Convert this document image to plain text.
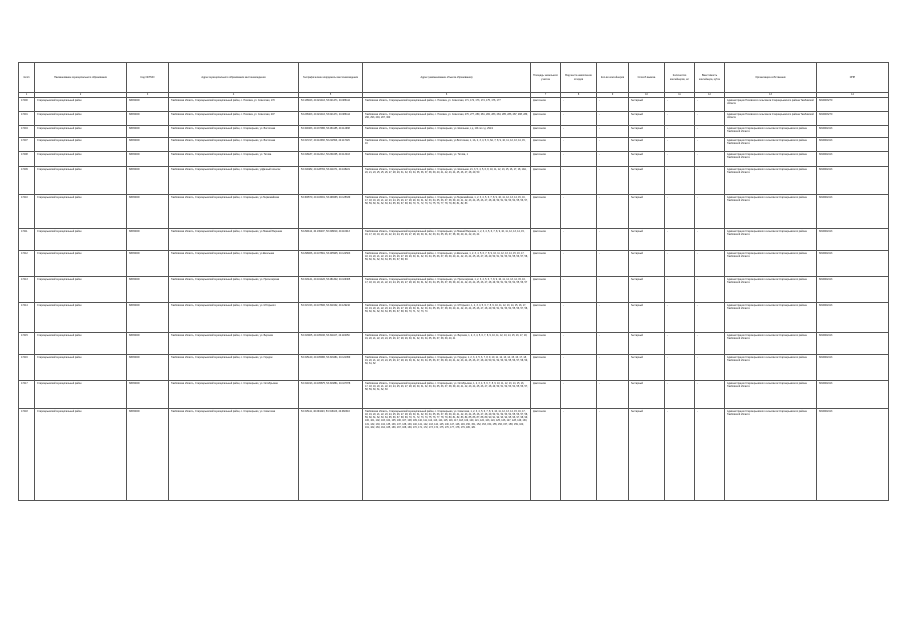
№п/п	Наименование муниципального образования	Код ОКТМО	Адрес муниципального образования местонахождения	Географические координаты местонахождения	Адрес (наименование объекта образования)	Площадь земельного участка	Вид места накопления отходов	Кол-во контейнеров	Способ вывоза	Количество контейнеров, шт	Вместимость контейнера, куб.м	Организация-собственник	ИНН
1	2	3	4	5	6	7	8	9	10	11	12	13	14
17400	Староюрьевский муниципальный район	68636000	Тамбовская область, Староюрьевский муниципальный район, с. Поповка, ул. Советская, 170	53.138023, 40.021416, 53.021471, 40.086112	Тамбовская область, Староюрьевский муниципальный район, с. Поповка, ул. Советская, 171, 172, 173, 174, 175, 176, 177	фактически	-	-	бестарный	-	-	Администрация Поповского сельсовета Староюрьевского района Тамбовской области	6819003270
17401	Староюрьевский муниципальный район	68636000	Тамбовская область, Староюрьевский муниципальный район, с. Поповка, ул. Советская, 207	53.238403, 40.021416, 53.021471, 40.086114	Тамбовская область, Староюрьевский муниципальный район, с. Поповка, ул. Советская, 276, 277, 280, 281, 282, 283, 284, 285, 286, 287, 288, 289, 290, 293, 294, 297, 300	фактически	-	-	бестарный	-	-	Администрация Поповского сельсовета Староюрьевского района Тамбовской области	6819003270
17404	Староюрьевский муниципальный район	68636000	Тамбовская область, Староюрьевский муниципальный район, с. Староюрьево, ул. Восточная	53.329463, 40.167986, 53.261185, 40.114938	Тамбовская область, Староюрьевский муниципальный район, с. Староюрьево, ул. Школьная, с.д. 101 по с.д. 291/1	фактически	-	-	бестарный	-	-	Администрация Староюрьевского сельсовета Староюрьевского района Тамбовской области	6819002413
17407	Староюрьевский муниципальный район	68636000	Тамбовская область, Староюрьевский муниципальный район, с. Староюрьево, ул. Восточная	53.317217, 40.113383, 53.211593, 40.117229	Тамбовская область, Староюрьевский муниципальный район, с. Староюрьево, ул.Восточная, 1, 1А, 2, 3, 4, 5, 6, 6А, 7, 8, 9, 10, 11, 12, 13, 14, 15, 16	фактически	-	-	бестарный	-	-	Администрация Староюрьевского сельсовета Староюрьевского района Тамбовской области	6819002413
17408	Староюрьевский муниципальный район	68636000	Тамбовская область, Староюрьевский муниципальный район, с. Староюрьево, ул. Титова	53.318187, 40.112412, 53.261065, 40.113443	Тамбовская область, Староюрьевский муниципальный район, с. Староюрьево, ул. Титова, 1	фактически	-	-	бестарный	-	-	Администрация Староюрьевского сельсовета Староюрьевского района Тамбовской области	6819002413
17409	Староюрьевский муниципальный район	68636000	Тамбовская область, Староюрьевский муниципальный район, с. Староюрьево, улДачный поселок	53.319482, 40.128784, 53.211071, 40.108221	Тамбовская область, Староюрьевский муниципальный район, с. Староюрьево, ул. Школьная, 21, 3, 5, 4, 5, 6, 8, 10, 11, 12, 13, 15, 16, 17, 18, 19А, 20, 21, 23, 25, 25, 26, 27, 28, 29, 31, 32, 33, 34, 35, 36, 37, 38, 39, 40, 41, 42, 43, 44, 45, 46, 47, 48, 49, 50	фактически	-	-	бестарный	-	-	Администрация Староюрьевского сельсовета Староюрьевского района Тамбовской области	6819002413
17410	Староюрьевский муниципальный район	68636000	Тамбовская область, Староюрьевский муниципальный район, с. Староюрьево, ул.Первомайская	53.309570, 40.103931, 53.298265, 40.125639	Тамбовская область, Староюрьевский муниципальный район, с. Староюрьево, ул.Первомайская, 1, 2, 3, 4, 5, 6, 7, 8, 9, 10, 11, 12, 13, 14, 15, 16, 17, 18, 19, 20, 21, 22, 23, 24, 25, 26, 27, 28, 29, 30, 31, 32, 33, 34, 35, 36, 37, 38, 39, 40, 41, 42, 43, 44, 45, 46, 47, 48, 49, 50, 51, 52, 53, 54, 55, 56, 57, 58, 59, 60, 61, 62, 63, 64, 65, 66, 67, 68, 69, 70, 71, 72, 73, 74, 75, 76, 77, 78, 79, 80, 81, 82, 83	фактически	-	-	бестарный	-	-	Администрация Староюрьевского сельсовета Староюрьевского района Тамбовской области	6819002413
17411	Староюрьевский муниципальный район	68636000	Тамбовская область, Староюрьевский муниципальный район, с. Староюрьево, ул.Нижний Вершник	53.299112, 40.139207, 53.328810, 40.116013	Тамбовская область, Староюрьевский муниципальный район, с. Староюрьево, ул.Нижний Вершник, 1, 2, 3, 4, 5, 6, 7, 8, 9, 10, 11, 12, 13, 14, 15, 16, 17, 18, 19, 20, 21, 22, 23, 24, 25, 26, 27, 28, 29, 30, 31, 32, 33, 34, 35, 36, 37, 38, 39, 40, 41, 42, 43, 44	фактически	-	-	бестарный	-	-	Администрация Староюрьевского сельсовета Староюрьевского района Тамбовской области	6819002413
17412	Староюрьевский муниципальный район	68636000	Тамбовская область, Староюрьевский муниципальный район, с. Староюрьево, ул.Школьная	53.298066, 40.107891, 53.205905, 40.122503	Тамбовская область, Староюрьевский муниципальный район, с. Староюрьево, ул.Школьная, 1, 2, 3, 4, 5, 6, 7, 8, 9, 10, 11, 12, 13, 14, 15, 16, 17, 18, 19, 20, 21, 22, 23, 24, 25, 26, 27, 28, 29, 30, 31, 32, 33, 34, 35, 36, 37, 38, 39, 40, 41, 42, 43, 44, 45, 46, 47, 48, 49, 50, 51, 52, 53, 54, 55, 56, 57, 58, 59, 60, 61, 62, 63, 64, 65, 66, 67, 68, 69	фактически	-	-	бестарный	-	-	Администрация Староюрьевского сельсовета Староюрьевского района Тамбовской области	6819002413
17413	Староюрьевский муниципальный район	68636000	Тамбовская область, Староюрьевский муниципальный район, с. Староюрьево, ул. Пролетарская	53.313141, 40.101426, 53.281302, 40.109305	Тамбовская область, Староюрьевский муниципальный район, с. Староюрьево, ул. Пролетарская, 1, 2, 3, 4, 5, 6, 7, 8, 9, 10, 11, 12, 13, 14, 15, 16, 17, 18, 19, 20, 21, 22, 23, 24, 25, 26, 27, 28, 29, 30, 31, 32, 33, 34, 35, 36, 37, 38, 39, 40, 41, 42, 43, 44, 45, 46, 47, 48, 49, 50, 51, 52, 53, 54, 55, 56, 57	фактически	-	-	бестарный	-	-	Администрация Староюрьевского сельсовета Староюрьевского района Тамбовской области	6819002413
17414	Староюрьевский муниципальный район	68636000	Тамбовская область, Староюрьевский муниципальный район, с. Староюрьево, ул. М.Горького	53.317243, 40.107806, 53.311962, 40.129210	Тамбовская область, Староюрьевский муниципальный район, с. Староюрьево, ул. М.Горького, 1, 2, 3, 4, 5, 6, 7, 8, 9, 10, 11, 12, 13, 14, 15, 16, 17, 18, 19, 20, 21, 22, 23, 24, 25, 26, 27, 28, 29, 30, 31, 32, 33, 34, 35, 36, 37, 38, 39, 40, 41, 42, 43, 44, 45, 46, 47, 48, 49, 50, 51, 52, 53, 54, 55, 56, 57, 58, 59, 60, 61, 62, 63, 64, 65, 66, 67, 68, 69, 70, 71, 72, 73, 74	фактически	-	-	бестарный	-	-	Администрация Староюрьевского сельсовета Староюрьевского района Тамбовской области	6819002413
17415	Староюрьевский муниципальный район	68636000	Тамбовская область, Староюрьевский муниципальный район, с. Староюрьево, ул. Верхняя	53.313905, 40.105196, 53.311167, 40.116050	Тамбовская область, Староюрьевский муниципальный район, с. Староюрьево, ул. Верхняя, 1, 2, 3, 4, 5, 6, 7, 8, 9, 10, 11, 12, 13, 14, 15, 16, 17, 18, 19, 20, 21, 22, 23, 24, 25, 26, 27, 28, 29, 30, 31, 32, 33, 34, 35, 36, 37, 38, 39, 40, 41	фактически	-	-	бестарный	-	-	Администрация Староюрьевского сельсовета Староюрьевского района Тамбовской области	6819002413
17416	Староюрьевский муниципальный район	68636000	Тамбовская область, Староюрьевский муниципальный район, с. Староюрьево, ул. Городок	53.315140, 40.105986, 53.316281, 40.121959	Тамбовская область, Староюрьевский муниципальный район, с. Староюрьево, ул. Городок, 1, 2, 3, 4, 5, 6, 7, 8, 9, 10, 11, 12, 13, 14, 15, 16, 17, 18, 19, 20, 21, 22, 23, 24, 25, 26, 27, 28, 29, 30, 31, 32, 33, 34, 35, 36, 37, 38, 39, 40, 41, 42, 43, 44, 45, 46, 47, 48, 49, 50, 51, 52, 53, 54, 55, 56, 57, 58, 59, 60, 61, 62	фактически	-	-	бестарный	-	-	Администрация Староюрьевского сельсовета Староюрьевского района Тамбовской области	6819002413
17417	Староюрьевский муниципальный район	68636000	Тамбовская область, Староюрьевский муниципальный район, с. Староюрьево, ул. Октябрьская	53.314193, 40.105875, 53.316881, 40.107878	Тамбовская область, Староюрьевский муниципальный район, с. Староюрьево, ул. Октябрьская, 1, 2, 3, 4, 5, 6, 7, 8, 9, 10, 11, 12, 13, 14, 15, 16, 17, 18, 19, 20, 21, 22, 23, 24, 25, 26, 27, 28, 29, 30, 31, 32, 33, 34, 35, 36, 37, 38, 39, 40, 41, 42, 43, 44, 45, 46, 47, 48, 49, 50, 51, 52, 53, 54, 55, 56, 57, 58, 59, 60, 61, 62, 63	фактически	-	-	бестарный	-	-	Администрация Староюрьевского сельсовета Староюрьевского района Тамбовской области	6819002413
17418	Староюрьевский муниципальный район	68636000	Тамбовская область, Староюрьевский муниципальный район, с. Староюрьево, ул. Советская	53.315111, 40.094223, 53.316103, 40.082316	Тамбовская область, Староюрьевский муниципальный район, с. Староюрьево, ул. Советская, 1, 2, 3, 4, 5, 6, 7, 8, 9, 10, 11, 12, 13, 14, 15, 16, 17, 18, 19, 20, 21, 22, 23, 24, 25, 26, 27, 28, 29, 30, 31, 32, 33, 34, 35, 36, 37, 38, 39, 40, 41, 42, 43, 44, 45, 46, 47, 48, 49, 50, 51, 52, 53, 54, 55, 56, 57, 58, 59, 60, 61, 62, 63, 64, 65, 66, 67, 68, 69, 70, 71, 72, 73, 74, 75, 76, 77, 78, 79, 80, 81, 82, 83, 84, 85, 86, 87, 88, 89, 90, 91, 92, 93, 94, 95, 96, 97, 98, 99, 100, 101, 102, 103, 104, 105, 106, 107, 108, 109, 110, 111, 112, 113, 114, 115, 116, 117, 118, 119, 120, 121, 122, 123, 124, 125, 126, 127, 128, 129, 130, 131, 132, 133, 134, 135, 136, 137, 138, 139, 140, 141, 142, 143, 144, 145, 146, 147, 148, 149, 150, 151, 152, 153, 154, 155, 156, 157, 158, 159, 160, 161, 162, 163, 164, 165, 166, 167, 168, 169, 170, 171, 172, 173, 174, 175, 176, 177, 178, 179, 180, 181	фактически	-	-	бестарный	-	-	Администрация Староюрьевского сельсовета Староюрьевского района Тамбовской области	6819002413
